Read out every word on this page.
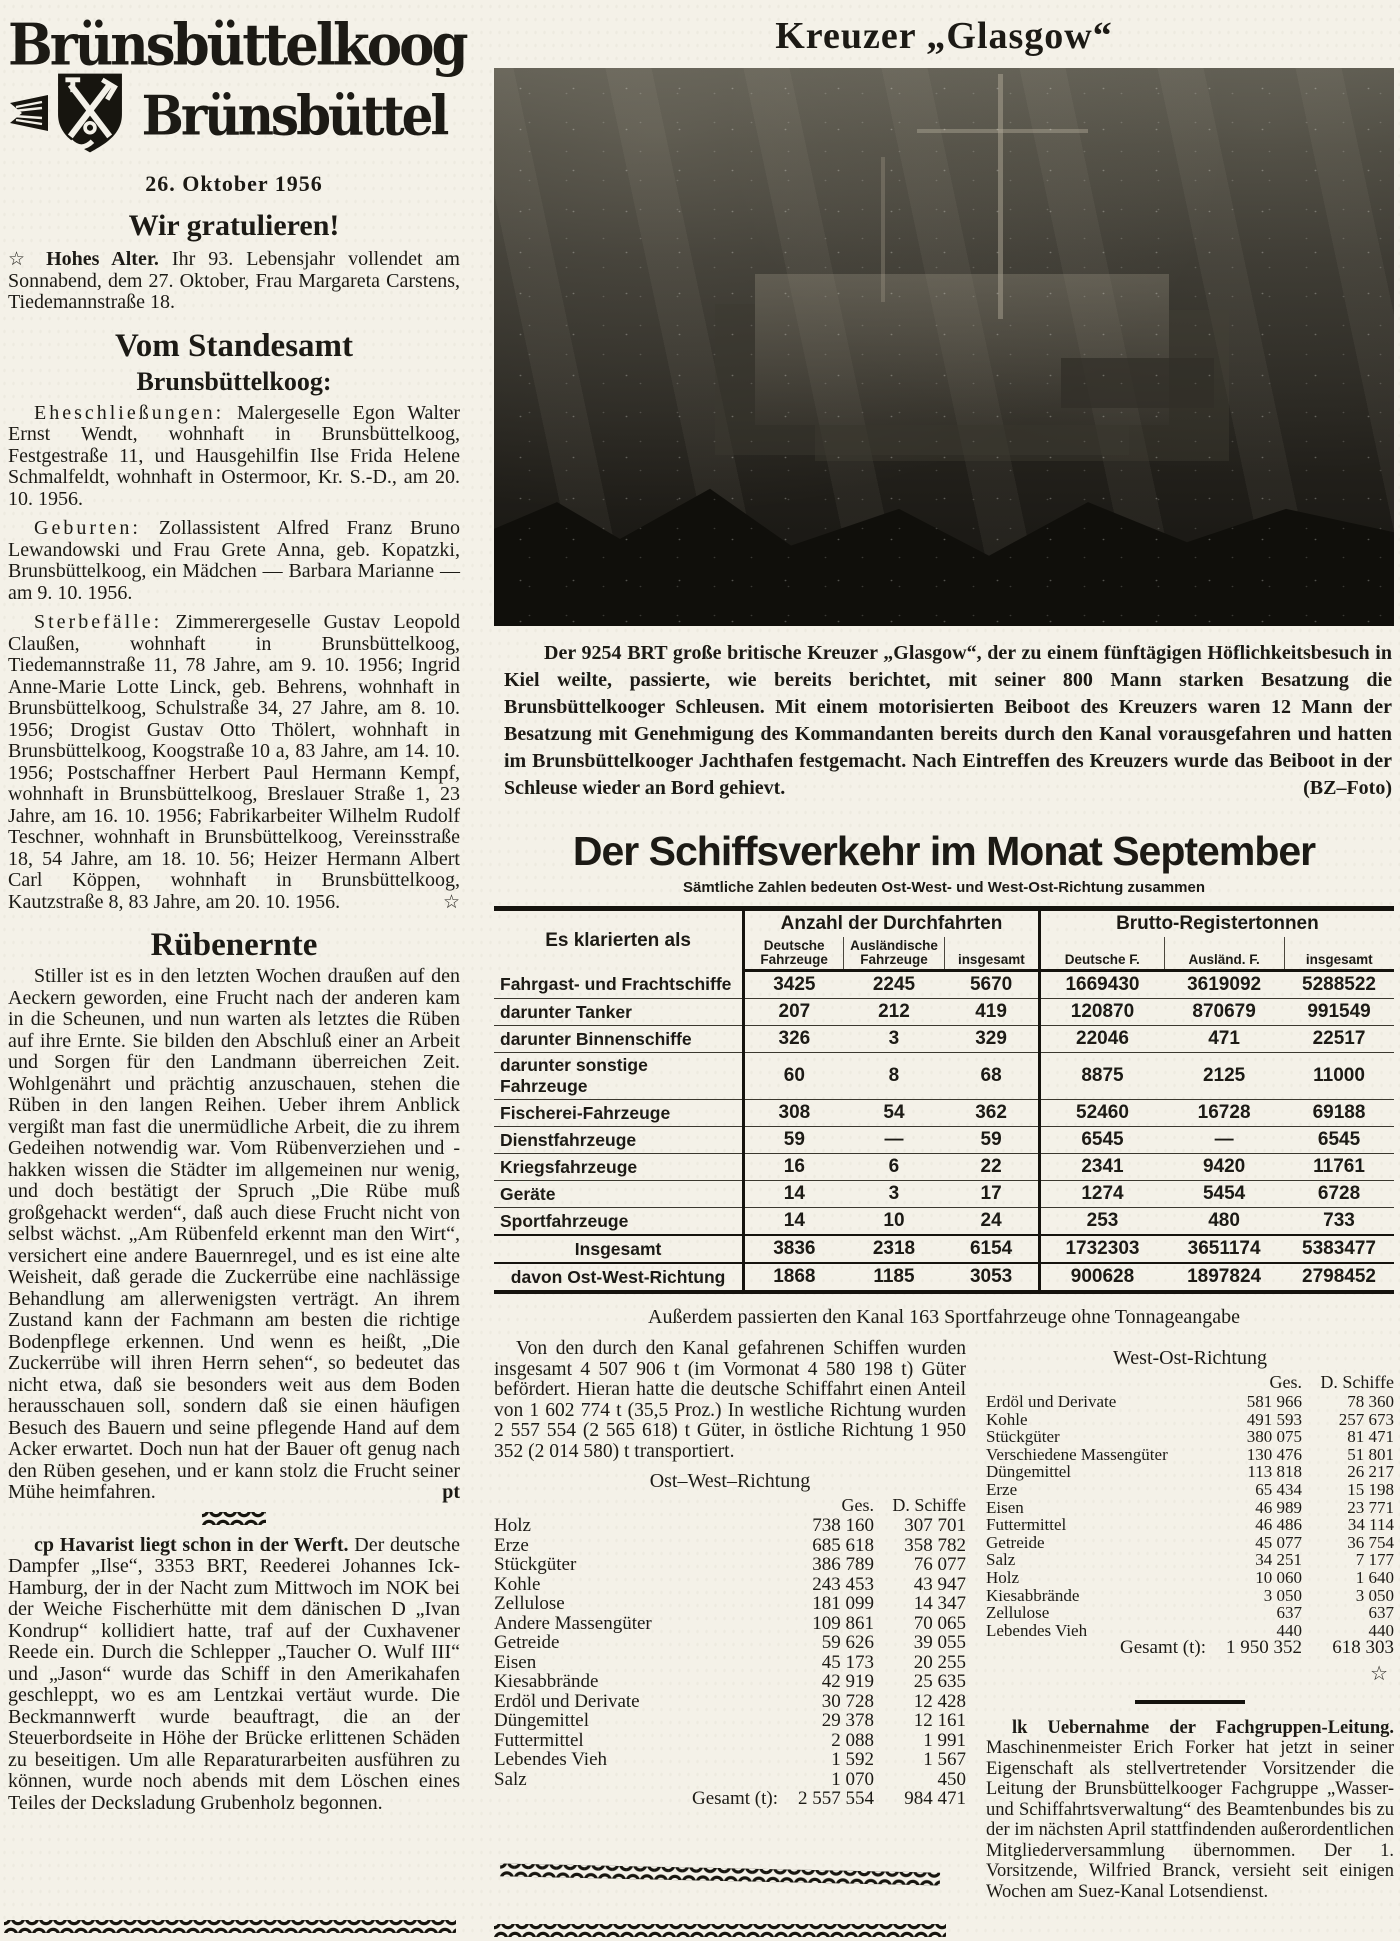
Brünsbüttelkoog
Brünsbüttel
26. Oktober 1956
Wir gratulieren!

☆ Hohes Alter. Ihr 93. Lebensjahr vollendet am Sonnabend, dem 27. Oktober, Frau Margareta Carstens, Tiedemannstraße 18.

Vom Standesamt
Brunsbüttelkoog:

Eheschließungen: Malergeselle Egon Walter Ernst Wendt, wohnhaft in Brunsbüttelkoog, Festgestraße 11, und Hausgehilfin Ilse Frida Helene Schmalfeldt, wohnhaft in Ostermoor, Kr. S.-D., am 20. 10. 1956.

Geburten: Zollassistent Alfred Franz Bruno Lewandowski und Frau Grete Anna, geb. Kopatzki, Brunsbüttelkoog, ein Mädchen — Barbara Marianne — am 9. 10. 1956.

Sterbefälle: Zimmerergeselle Gustav Leopold Claußen, wohnhaft in Brunsbüttelkoog, Tiedemannstraße 11, 78 Jahre, am 9. 10. 1956; Ingrid Anne-Marie Lotte Linck, geb. Behrens, wohnhaft in Brunsbüttelkoog, Schulstraße 34, 27 Jahre, am 8. 10. 1956; Drogist Gustav Otto Thölert, wohnhaft in Brunsbüttelkoog, Koogstraße 10 a, 83 Jahre, am 14. 10. 1956; Postschaffner Herbert Paul Hermann Kempf, wohnhaft in Brunsbüttelkoog, Breslauer Straße 1, 23 Jahre, am 16. 10. 1956; Fabrikarbeiter Wilhelm Rudolf Teschner, wohnhaft in Brunsbüttelkoog, Vereinsstraße 18, 54 Jahre, am 18. 10. 56; Heizer Hermann Albert Carl Köppen, wohnhaft in Brunsbüttelkoog, Kautzstraße 8, 83 Jahre, am 20. 10. 1956.	☆

Rübenernte

Stiller ist es in den letzten Wochen draußen auf den Aeckern geworden, eine Frucht nach der anderen kam in die Scheunen, und nun warten als letztes die Rüben auf ihre Ernte. Sie bilden den Abschluß einer an Arbeit und Sorgen für den Landmann überreichen Zeit. Wohlgenährt und prächtig anzuschauen, stehen die Rüben in den langen Reihen. Ueber ihrem Anblick vergißt man fast die unermüdliche Arbeit, die zu ihrem Gedeihen notwendig war. Vom Rübenverziehen und -hakken wissen die Städter im allgemeinen nur wenig, und doch bestätigt der Spruch „Die Rübe muß großgehackt werden“, daß auch diese Frucht nicht von selbst wächst. „Am Rübenfeld erkennt man den Wirt“, versichert eine andere Bauernregel, und es ist eine alte Weisheit, daß gerade die Zuckerrübe eine nachlässige Behandlung am allerwenigsten verträgt. An ihrem Zustand kann der Fachmann am besten die richtige Bodenpflege erkennen. Und wenn es heißt, „Die Zuckerrübe will ihren Herrn sehen“, so bedeutet das nicht etwa, daß sie besonders weit aus dem Boden herausschauen soll, sondern daß sie einen häufigen Besuch des Bauern und seine pflegende Hand auf dem Acker erwartet. Doch nun hat der Bauer oft genug nach den Rüben gesehen, und er kann stolz die Frucht seiner Mühe heimfahren.	pt

cp Havarist liegt schon in der Werft. Der deutsche Dampfer „Ilse“, 3353 BRT, Reederei Johannes Ick-Hamburg, der in der Nacht zum Mittwoch im NOK bei der Weiche Fischerhütte mit dem dänischen D „Ivan Kondrup“ kollidiert hatte, traf auf der Cuxhavener Reede ein. Durch die Schlepper „Taucher O. Wulf III“ und „Jason“ wurde das Schiff in den Amerikahafen geschleppt, wo es am Lentzkai vertäut wurde. Die Beckmannwerft wurde beauftragt, die an der Steuerbordseite in Höhe der Brücke erlittenen Schäden zu beseitigen. Um alle Reparaturarbeiten ausführen zu können, wurde noch abends mit dem Löschen eines Teiles der Decksladung Grubenholz begonnen.

Kreuzer „Glasgow“

Der 9254 BRT große britische Kreuzer „Glasgow“, der zu einem fünftägigen Höflichkeitsbesuch in Kiel weilte, passierte, wie bereits berichtet, mit seiner 800 Mann starken Besatzung die Brunsbüttelkooger Schleusen. Mit einem motorisierten Beiboot des Kreuzers waren 12 Mann der Besatzung mit Genehmigung des Kommandanten bereits durch den Kanal vorausgefahren und hatten im Brunsbüttelkooger Jachthafen festgemacht. Nach Eintreffen des Kreuzers wurde das Beiboot in der Schleuse wieder an Bord gehievt.	(BZ–Foto)

Der Schiffsverkehr im Monat September
Sämtliche Zahlen bedeuten Ost-West- und West-Ost-Richtung zusammen
Es klarierten als	Anzahl der Durchfahrten			Brutto-Registertonnen		
	Deutsche Fahrzeuge	Ausländische Fahrzeuge	insgesamt	Deutsche F.	Ausländ. F.	insgesamt
Fahrgast- und Frachtschiffe	3425	2245	5670	1669430	3619092	5288522
darunter Tanker	207	212	419	120870	870679	991549
darunter Binnenschiffe	326	3	329	22046	471	22517
darunter sonstige Fahrzeuge	60	8	68	8875	2125	11000
Fischerei-Fahrzeuge	308	54	362	52460	16728	69188
Dienstfahrzeuge	59	—	59	6545	—	6545
Kriegsfahrzeuge	16	6	22	2341	9420	11761
Geräte	14	3	17	1274	5454	6728
Sportfahrzeuge	14	10	24	253	480	733
Insgesamt	3836	2318	6154	1732303	3651174	5383477
davon Ost-West-Richtung	1868	1185	3053	900628	1897824	2798452
Außerdem passierten den Kanal 163 Sportfahrzeuge ohne Tonnageangabe

Von den durch den Kanal gefahrenen Schiffen wurden insgesamt 4 507 906 t (im Vormonat 4 580 198 t) Güter befördert. Hieran hatte die deutsche Schiffahrt einen Anteil von 1 602 774 t (35,5 Proz.) In westliche Richtung wurden 2 557 554 (2 565 618) t Güter, in östliche Richtung 1 950 352 (2 014 580) t transportiert.

Ost–West–Richtung
	Ges.	D. Schiffe
Holz	738 160	307 701
Erze	685 618	358 782
Stückgüter	386 789	76 077
Kohle	243 453	43 947
Zellulose	181 099	14 347
Andere Massengüter	109 861	70 065
Getreide	59 626	39 055
Eisen	45 173	20 255
Kiesabbrände	42 919	25 635
Erdöl und Derivate	30 728	12 428
Düngemittel	29 378	12 161
Futtermittel	2 088	1 991
Lebendes Vieh	1 592	1 567
Salz	1 070	450
Gesamt (t):	2 557 554	984 471
West-Ost-Richtung
	Ges.	D. Schiffe
Erdöl und Derivate	581 966	78 360
Kohle	491 593	257 673
Stückgüter	380 075	81 471
Verschiedene Massengüter	130 476	51 801
Düngemittel	113 818	26 217
Erze	65 434	15 198
Eisen	46 989	23 771
Futtermittel	46 486	34 114
Getreide	45 077	36 754
Salz	34 251	7 177
Holz	10 060	1 640
Kiesabbrände	3 050	3 050
Zellulose	637	637
Lebendes Vieh	440	440
Gesamt (t):	1 950 352	618 303
☆

lk Uebernahme der Fachgruppen-Leitung. Maschinenmeister Erich Forker hat jetzt in seiner Eigenschaft als stellvertretender Vorsitzender die Leitung der Brunsbüttelkooger Fachgruppe „Wasser- und Schiffahrtsverwaltung“ des Beamtenbundes bis zu der im nächsten April stattfindenden außerordentlichen Mitgliederversammlung übernommen. Der 1. Vorsitzende, Wilfried Branck, versieht seit einigen Wochen am Suez-Kanal Lotsendienst.
